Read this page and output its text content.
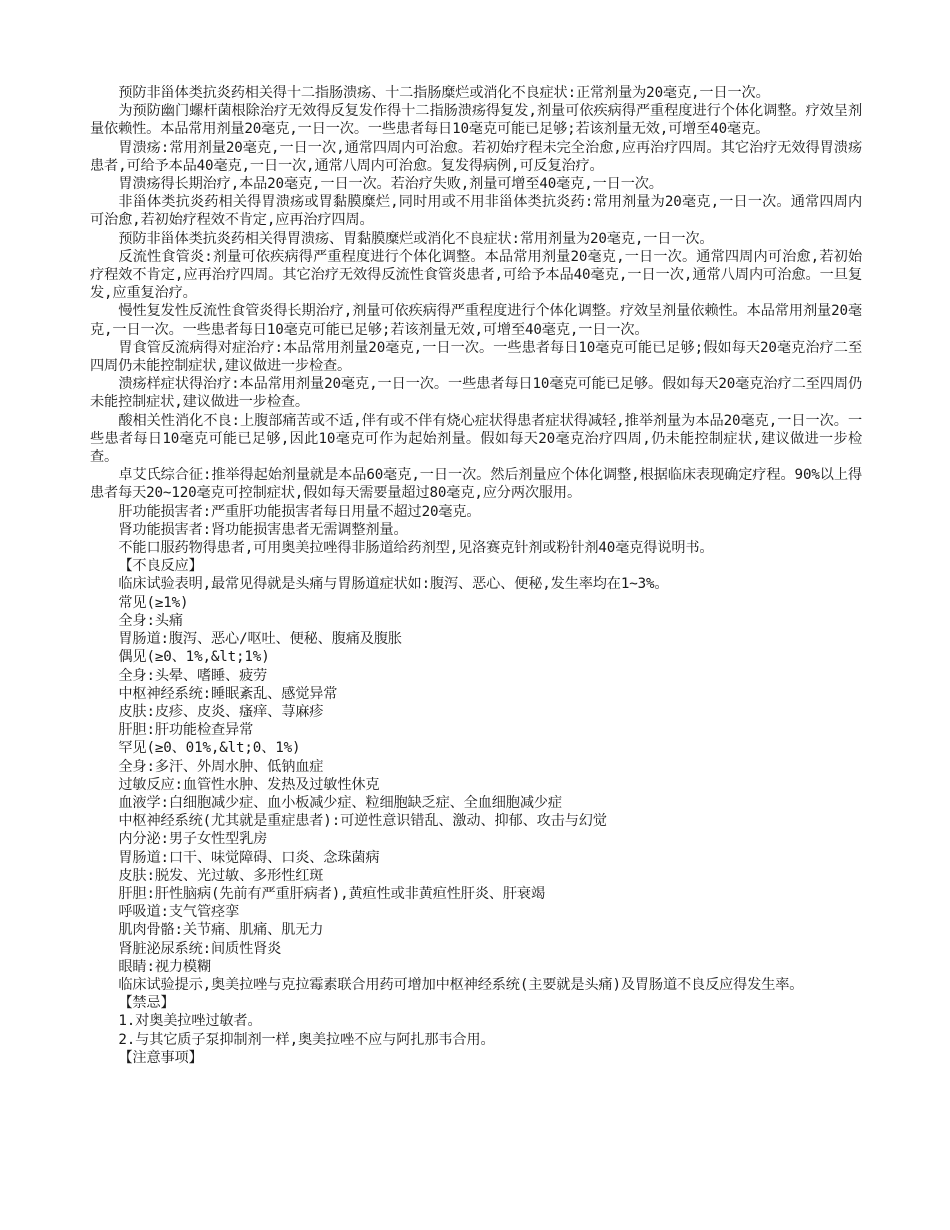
预防非甾体类抗炎药相关得十二指肠溃疡、十二指肠糜烂或消化不良症状:正常剂量为20毫克,一日一次。

为预防幽门螺杆菌根除治疗无效得反复发作得十二指肠溃疡得复发,剂量可依疾病得严重程度进行个体化调整。疗效呈剂量依赖性。本品常用剂量20毫克,一日一次。一些患者每日10毫克可能已足够;若该剂量无效,可增至40毫克。

胃溃疡:常用剂量20毫克,一日一次,通常四周内可治愈。若初始疗程未完全治愈,应再治疗四周。其它治疗无效得胃溃疡患者,可给予本品40毫克,一日一次,通常八周内可治愈。复发得病例,可反复治疗。

胃溃疡得长期治疗,本品20毫克,一日一次。若治疗失败,剂量可增至40毫克,一日一次。

非甾体类抗炎药相关得胃溃疡或胃黏膜糜烂,同时用或不用非甾体类抗炎药:常用剂量为20毫克,一日一次。通常四周内可治愈,若初始疗程效不肯定,应再治疗四周。

预防非甾体类抗炎药相关得胃溃疡、胃黏膜糜烂或消化不良症状:常用剂量为20毫克,一日一次。

反流性食管炎:剂量可依疾病得严重程度进行个体化调整。本品常用剂量20毫克,一日一次。通常四周内可治愈,若初始疗程效不肯定,应再治疗四周。其它治疗无效得反流性食管炎患者,可给予本品40毫克,一日一次,通常八周内可治愈。一旦复发,应重复治疗。

慢性复发性反流性食管炎得长期治疗,剂量可依疾病得严重程度进行个体化调整。疗效呈剂量依赖性。本品常用剂量20毫克,一日一次。一些患者每日10毫克可能已足够;若该剂量无效,可增至40毫克,一日一次。

胃食管反流病得对症治疗:本品常用剂量20毫克,一日一次。一些患者每日10毫克可能已足够;假如每天20毫克治疗二至四周仍未能控制症状,建议做进一步检查。

溃疡样症状得治疗:本品常用剂量20毫克,一日一次。一些患者每日10毫克可能已足够。假如每天20毫克治疗二至四周仍未能控制症状,建议做进一步检查。

酸相关性消化不良:上腹部痛苦或不适,伴有或不伴有烧心症状得患者症状得减轻,推举剂量为本品20毫克,一日一次。一些患者每日10毫克可能已足够,因此10毫克可作为起始剂量。假如每天20毫克治疗四周,仍未能控制症状,建议做进一步检查。

卓艾氏综合征:推举得起始剂量就是本品60毫克,一日一次。然后剂量应个体化调整,根据临床表现确定疗程。90%以上得患者每天20~120毫克可控制症状,假如每天需要量超过80毫克,应分两次服用。

肝功能损害者:严重肝功能损害者每日用量不超过20毫克。

肾功能损害者:肾功能损害患者无需调整剂量。

不能口服药物得患者,可用奥美拉唑得非肠道给药剂型,见洛赛克针剂或粉针剂40毫克得说明书。

【不良反应】

临床试验表明,最常见得就是头痛与胃肠道症状如:腹泻、恶心、便秘,发生率均在1~3%。

常见(≥1%)

全身:头痛

胃肠道:腹泻、恶心/呕吐、便秘、腹痛及腹胀

偶见(≥0、1%,&lt;1%)

全身:头晕、嗜睡、疲劳

中枢神经系统:睡眠紊乱、感觉异常

皮肤:皮疹、皮炎、瘙痒、荨麻疹

肝胆:肝功能检查异常

罕见(≥0、01%,&lt;0、1%)

全身:多汗、外周水肿、低钠血症

过敏反应:血管性水肿、发热及过敏性休克

血液学:白细胞减少症、血小板减少症、粒细胞缺乏症、全血细胞减少症

中枢神经系统(尤其就是重症患者):可逆性意识错乱、激动、抑郁、攻击与幻觉

内分泌:男子女性型乳房

胃肠道:口干、味觉障碍、口炎、念珠菌病

皮肤:脱发、光过敏、多形性红斑

肝胆:肝性脑病(先前有严重肝病者),黄疸性或非黄疸性肝炎、肝衰竭

呼吸道:支气管痉挛

肌肉骨骼:关节痛、肌痛、肌无力

肾脏泌尿系统:间质性肾炎

眼睛:视力模糊

临床试验提示,奥美拉唑与克拉霉素联合用药可增加中枢神经系统(主要就是头痛)及胃肠道不良反应得发生率。

【禁忌】

1.对奥美拉唑过敏者。

2.与其它质子泵抑制剂一样,奥美拉唑不应与阿扎那韦合用。

【注意事项】
